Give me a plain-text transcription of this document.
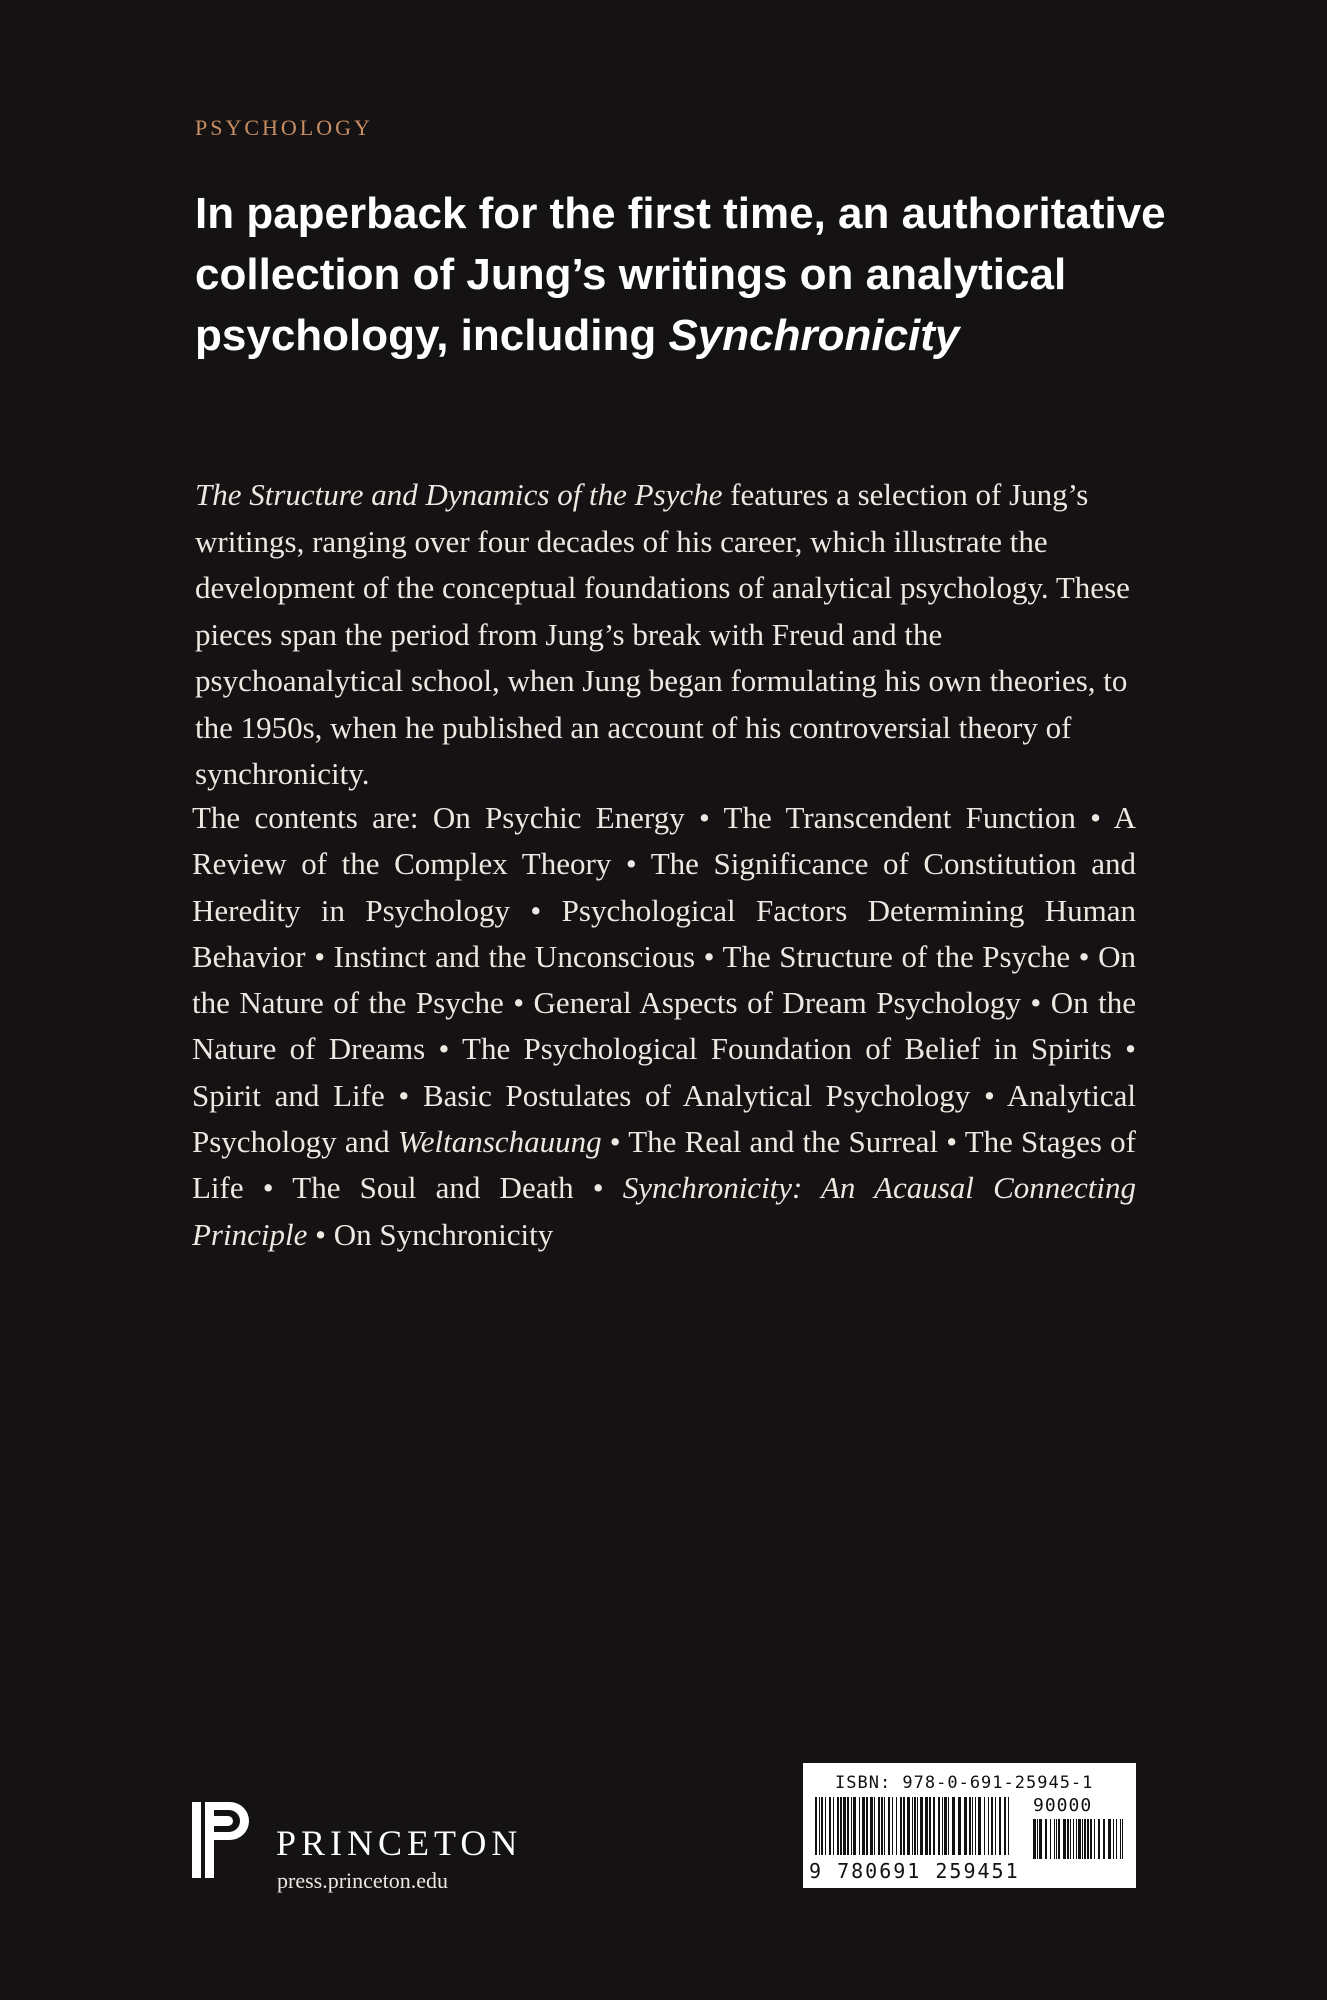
PSYCHOLOGY
In paperback for the first time, an authoritative collection of Jung’s writings on analytical psychology, including Synchronicity

The Structure and Dynamics of the Psyche features a selection of Jung’s writings, ranging over four decades of his career, which illustrate the development of the conceptual foundations of analytical psychology. These pieces span the period from Jung’s break with Freud and the psychoanalytical school, when Jung began formulating his own theories, to the 1950s, when he published an account of his controversial theory of synchronicity.

The contents are: On Psychic Energy • The Transcendent Function • A Review of the Complex Theory • The Significance of Constitution and Heredity in Psychology • Psychological Factors Determining Human Behavior • Instinct and the Unconscious • The Structure of the Psyche • On the Nature of the Psyche • General Aspects of Dream Psychology • On the Nature of Dreams • The Psychological Foundation of Belief in Spirits • Spirit and Life • Basic Postulates of Analytical Psychology • Analytical Psychology and Weltanschauung • The Real and the Surreal • The Stages of Life • The Soul and Death • Synchronicity: An Acausal Connecting Principle • On Synchronicity

PRINCETON
press.princeton.edu
ISBN: 978-0-691-25945-1
90000
9 780691 259451
